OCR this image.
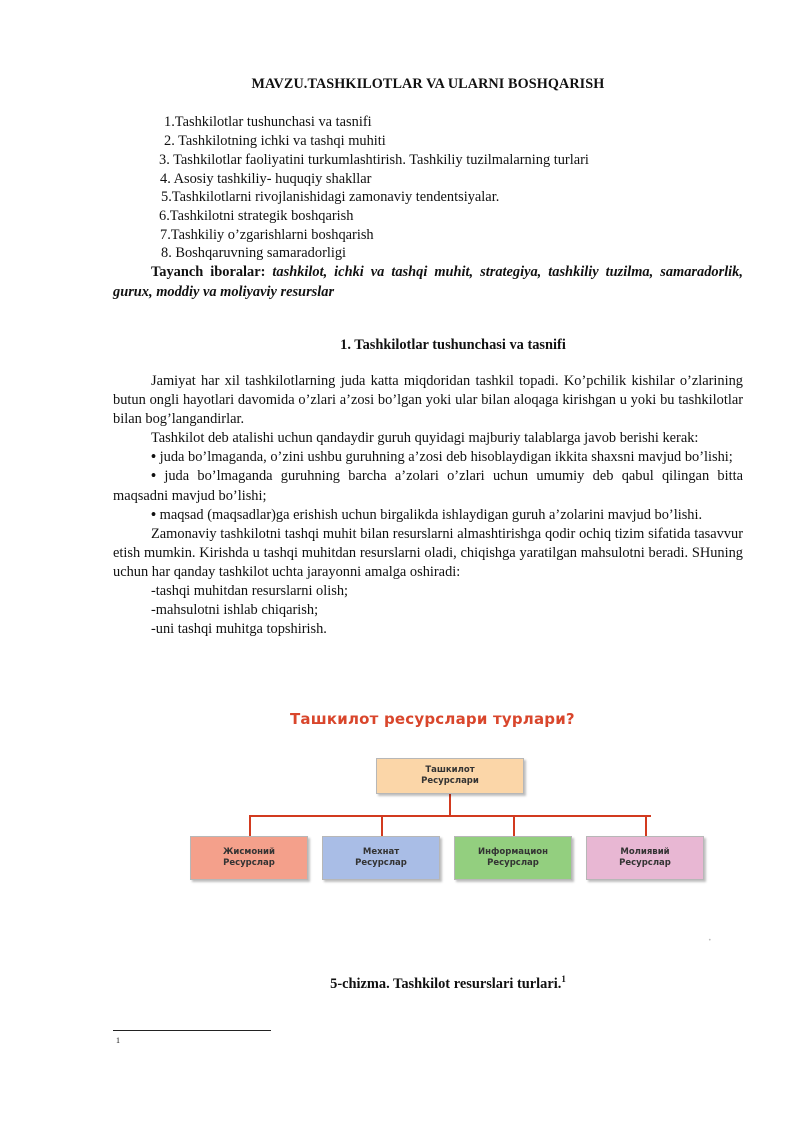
MAVZU.TASHKILOTLAR VA ULARNI BOSHQARISH
1.Tashkilotlar tushunchasi va tasnifi
2. Tashkilotning ichki va tashqi muhiti
3. Tashkilotlar faoliyatini turkumlashtirish. Tashkiliy tuzilmalarning turlari
4. Asosiy tashkiliy- huquqiy shakllar
5.Tashkilotlarni rivojlanishidagi zamonaviy tendentsiyalar.
6.Tashkilotni strategik boshqarish
7.Tashkiliy o’zgarishlarni boshqarish
8. Boshqaruvning samaradorligi
Tayanch iboralar: tashkilot, ichki va tashqi muhit, strategiya, tashkiliy tuzilma, samaradorlik, gurux, moddiy va moliyaviy resurslar
1. Tashkilotlar tushunchasi va tasnifi

Jamiyat har xil tashkilotlarning juda katta miqdoridan tashkil topadi. Ko’pchilik kishilar o’zlarining butun ongli hayotlari davomida o’zlari a’zosi bo’lgan yoki ular bilan aloqaga kirishgan u yoki bu tashkilotlar bilan bog’langandirlar.

Tashkilot deb atalishi uchun qandaydir guruh quyidagi majburiy talablarga javob berishi kerak:

• juda bo’lmaganda, o’zini ushbu guruhning a’zosi deb hisoblaydigan ikkita shaxsni mavjud bo’lishi;

• juda bo’lmaganda guruhning barcha a’zolari o’zlari uchun umumiy deb qabul qilingan bitta maqsadni mavjud bo’lishi;

• maqsad (maqsadlar)ga erishish uchun birgalikda ishlaydigan guruh a’zolarini mavjud bo’lishi.

Zamonaviy tashkilotni tashqi muhit bilan resurslarni almashtirishga qodir ochiq tizim sifatida tasavvur etish mumkin. Kirishda u tashqi muhitdan resurslarni oladi, chiqishga yaratilgan mahsulotni beradi. SHuning uchun har qanday tashkilot uchta jarayonni amalga oshiradi:

-tashqi muhitdan resurslarni olish;

-mahsulotni ishlab chiqarish;

-uni tashqi muhitga topshirish.

Ташкилот ресурслари турлари?
Ташкилот
Ресурслари
Жисмоний
Ресурслар
Мехнат
Ресурслар
Информацион
Ресурслар
Молиявий
Ресурслар
•
5-chizma. Tashkilot resurslari turlari.$^1$
1
